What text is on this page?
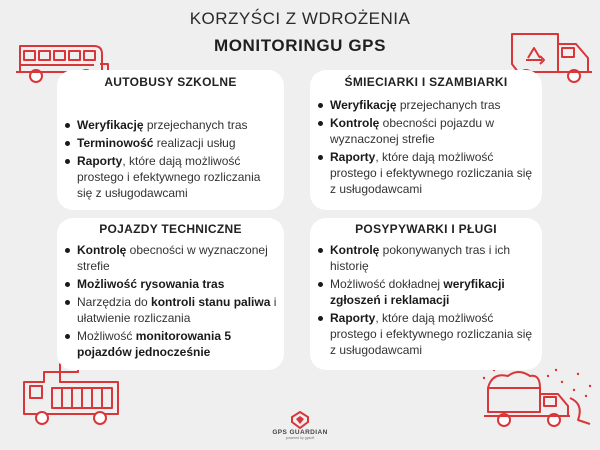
KORZYŚCI Z WDROŻENIA
MONITORINGU GPS
AUTOBUSY SZKOLNE
Weryfikację przejechanych tras
Terminowość realizacji usług
Raporty, które dają możliwość prostego i efektywnego rozliczania się z usługodawcami
ŚMIECIARKI I SZAMBIARKI
Weryfikację przejechanych tras
Kontrolę obecności pojazdu w wyznaczonej strefie
Raporty, które dają możliwość prostego i efektywnego rozliczania się z usługodawcami
POJAZDY TECHNICZNE
Kontrolę obecności w wyznaczonej strefie
Możliwość rysowania tras
Narzędzia do kontroli stanu paliwa i ułatwienie rozliczania
Możliwość monitorowania 5 pojazdów jednocześnie
POSYPYWARKI I PŁUGI
Kontrolę pokonywanych tras i ich historię
Możliwość dokładnej weryfikacji zgłoszeń i reklamacji
Raporty, które dają możliwość prostego i efektywnego rozliczania się z usługodawcami
GPS GUARDIAN
powered by gpsoft
